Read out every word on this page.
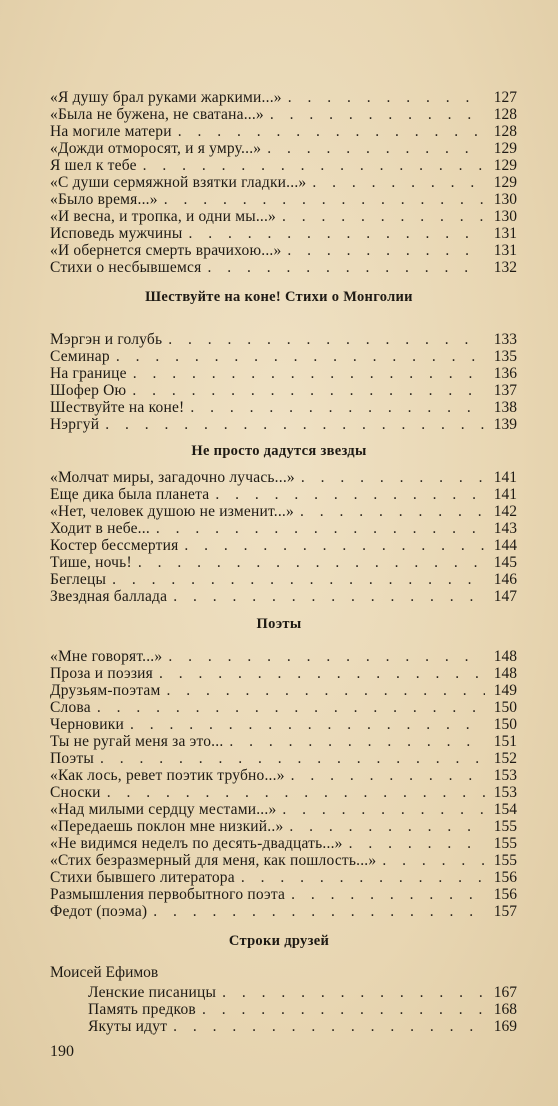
«Я душу брал руками жаркими...» . . .	127
«Была не бужена, не сватана...» . . .	128
На могиле матери . . .	128
«Дожди отморосят, и я умру...» . . .	129
Я шел к тебе . . .	129
«С души сермяжной взятки гладки...» . . .	129
«Было время...» . . .	130
«И весна, и тропка, и одни мы...» . . .	130
Исповедь мужчины . . .	131
«И обернется смерть врачихою...» . . .	131
Стихи о несбывшемся . . .	132
Шествуйте на коне! Стихи о Монголии
Мэргэн и голубь . . .	133
Семинар . . .	135
На границе . . .	136
Шофер Ою . . .	137
Шествуйте на коне! . . .	138
Нэргуй . . .	139
Не просто дадутся звезды
«Молчат миры, загадочно лучась...» . . .	141
Еще дика была планета . . .	141
«Нет, человек душою не изменит...» . . .	142
Ходит в небе... . . .	143
Костер бессмертия . . .	144
Тише, ночь! . . .	145
Беглецы . . .	146
Звездная баллада . . .	147
Поэты
«Мне говорят...» . . .	148
Проза и поэзия . . .	148
Друзьям-поэтам . . .	149
Слова . . .	150
Черновики . . .	150
Ты не ругай меня за это... . . .	151
Поэты . . .	152
«Как лось, ревет поэтик трубно...» . . .	153
Сноски . . .	153
«Над милыми сердцу местами...» . . .	154
«Передаешь поклон мне низкий..» . . .	155
«Не видимся неделъ по десять-двадцать...» . . .	155
«Стих безразмерный для меня, как пошлость...» . . .	155
Стихи бывшего литератора . . .	156
Размышления первобытного поэта . . .	156
Федот (поэма) . . .	157
Строки друзей
Моисей Ефимов
Ленские писаницы . . .	167
Память предков . . .	168
Якуты идут . . .	169
190
